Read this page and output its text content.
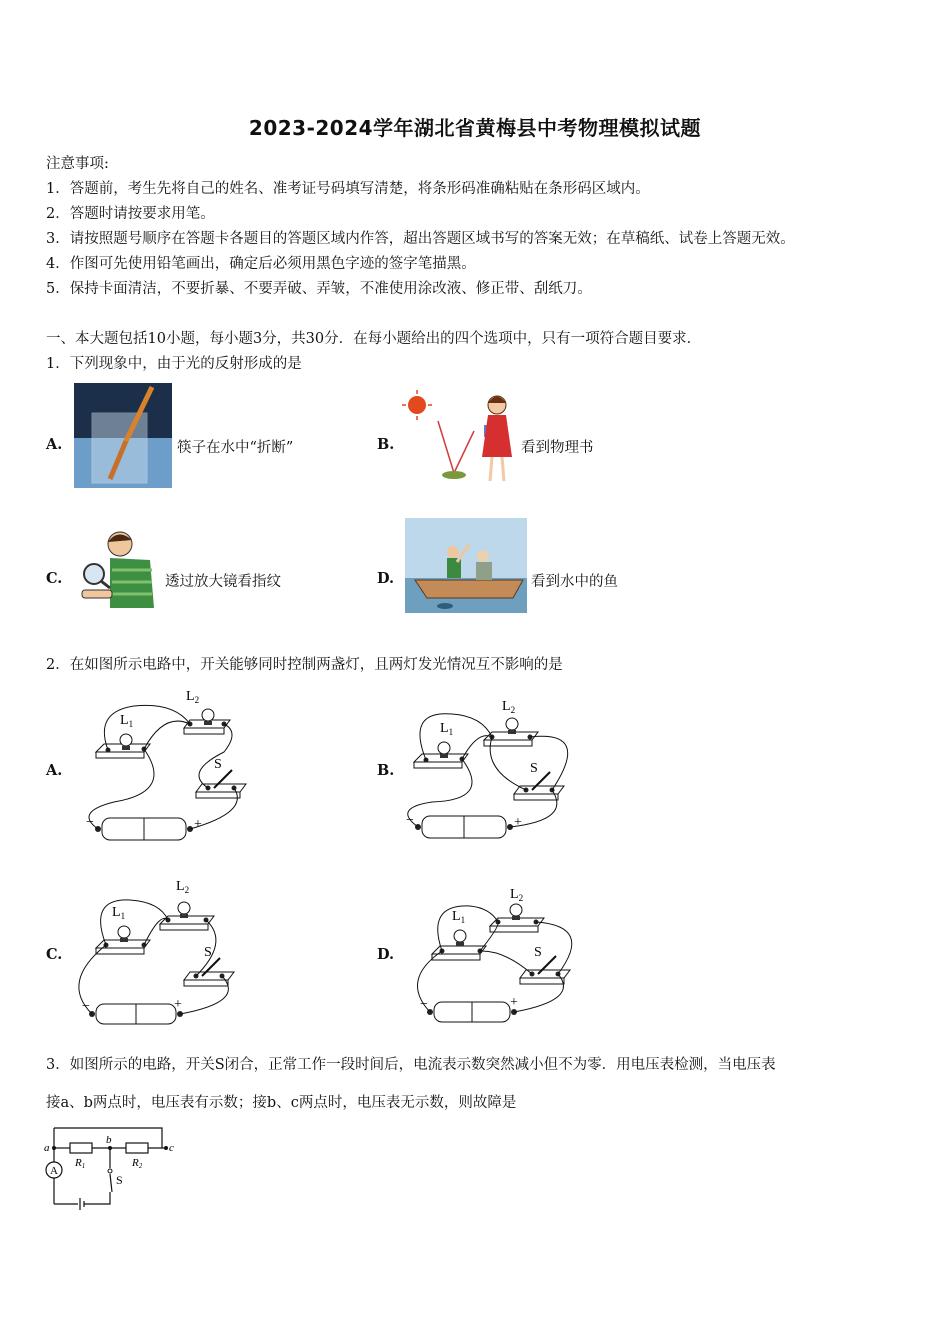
2023-2024学年湖北省黄梅县中考物理模拟试题
注意事项:
1．答题前，考生先将自己的姓名、准考证号码填写清楚，将条形码准确粘贴在条形码区域内。
2．答题时请按要求用笔。
3．请按照题号顺序在答题卡各题目的答题区域内作答，超出答题区域书写的答案无效；在草稿纸、试卷上答题无效。
4．作图可先使用铅笔画出，确定后必须用黑色字迹的签字笔描黑。
5．保持卡面清洁，不要折暴、不要弄破、弄皱，不准使用涂改液、修正带、刮纸刀。
一、本大题包括10小题，每小题3分，共30分．在每小题给出的四个选项中，只有一项符合题目要求．
1．下列现象中，由于光的反射形成的是
A.	筷子在水中“折断”	B.	看到物理书
C.	透过放大镜看指纹	D.	看到水中的鱼
2．在如图所示电路中，开关能够同时控制两盏灯，且两灯发光情况互不影响的是
A.	B.
C.	D.
$L_1$
$L_2$
S
−	+
$L_1$
$L_2$
S
−	+
$L_1$
$L_2$
S
−	+
$L_1$
$L_2$
S
−	+
3．如图所示的电路，开关S闭合，正常工作一段时间后，电流表示数突然减小但不为零．用电压表检测，当电压表
接a、b两点时，电压表有示数；接b、c两点时，电压表无示数，则故障是
A
a
b
c
R1	R2
S
